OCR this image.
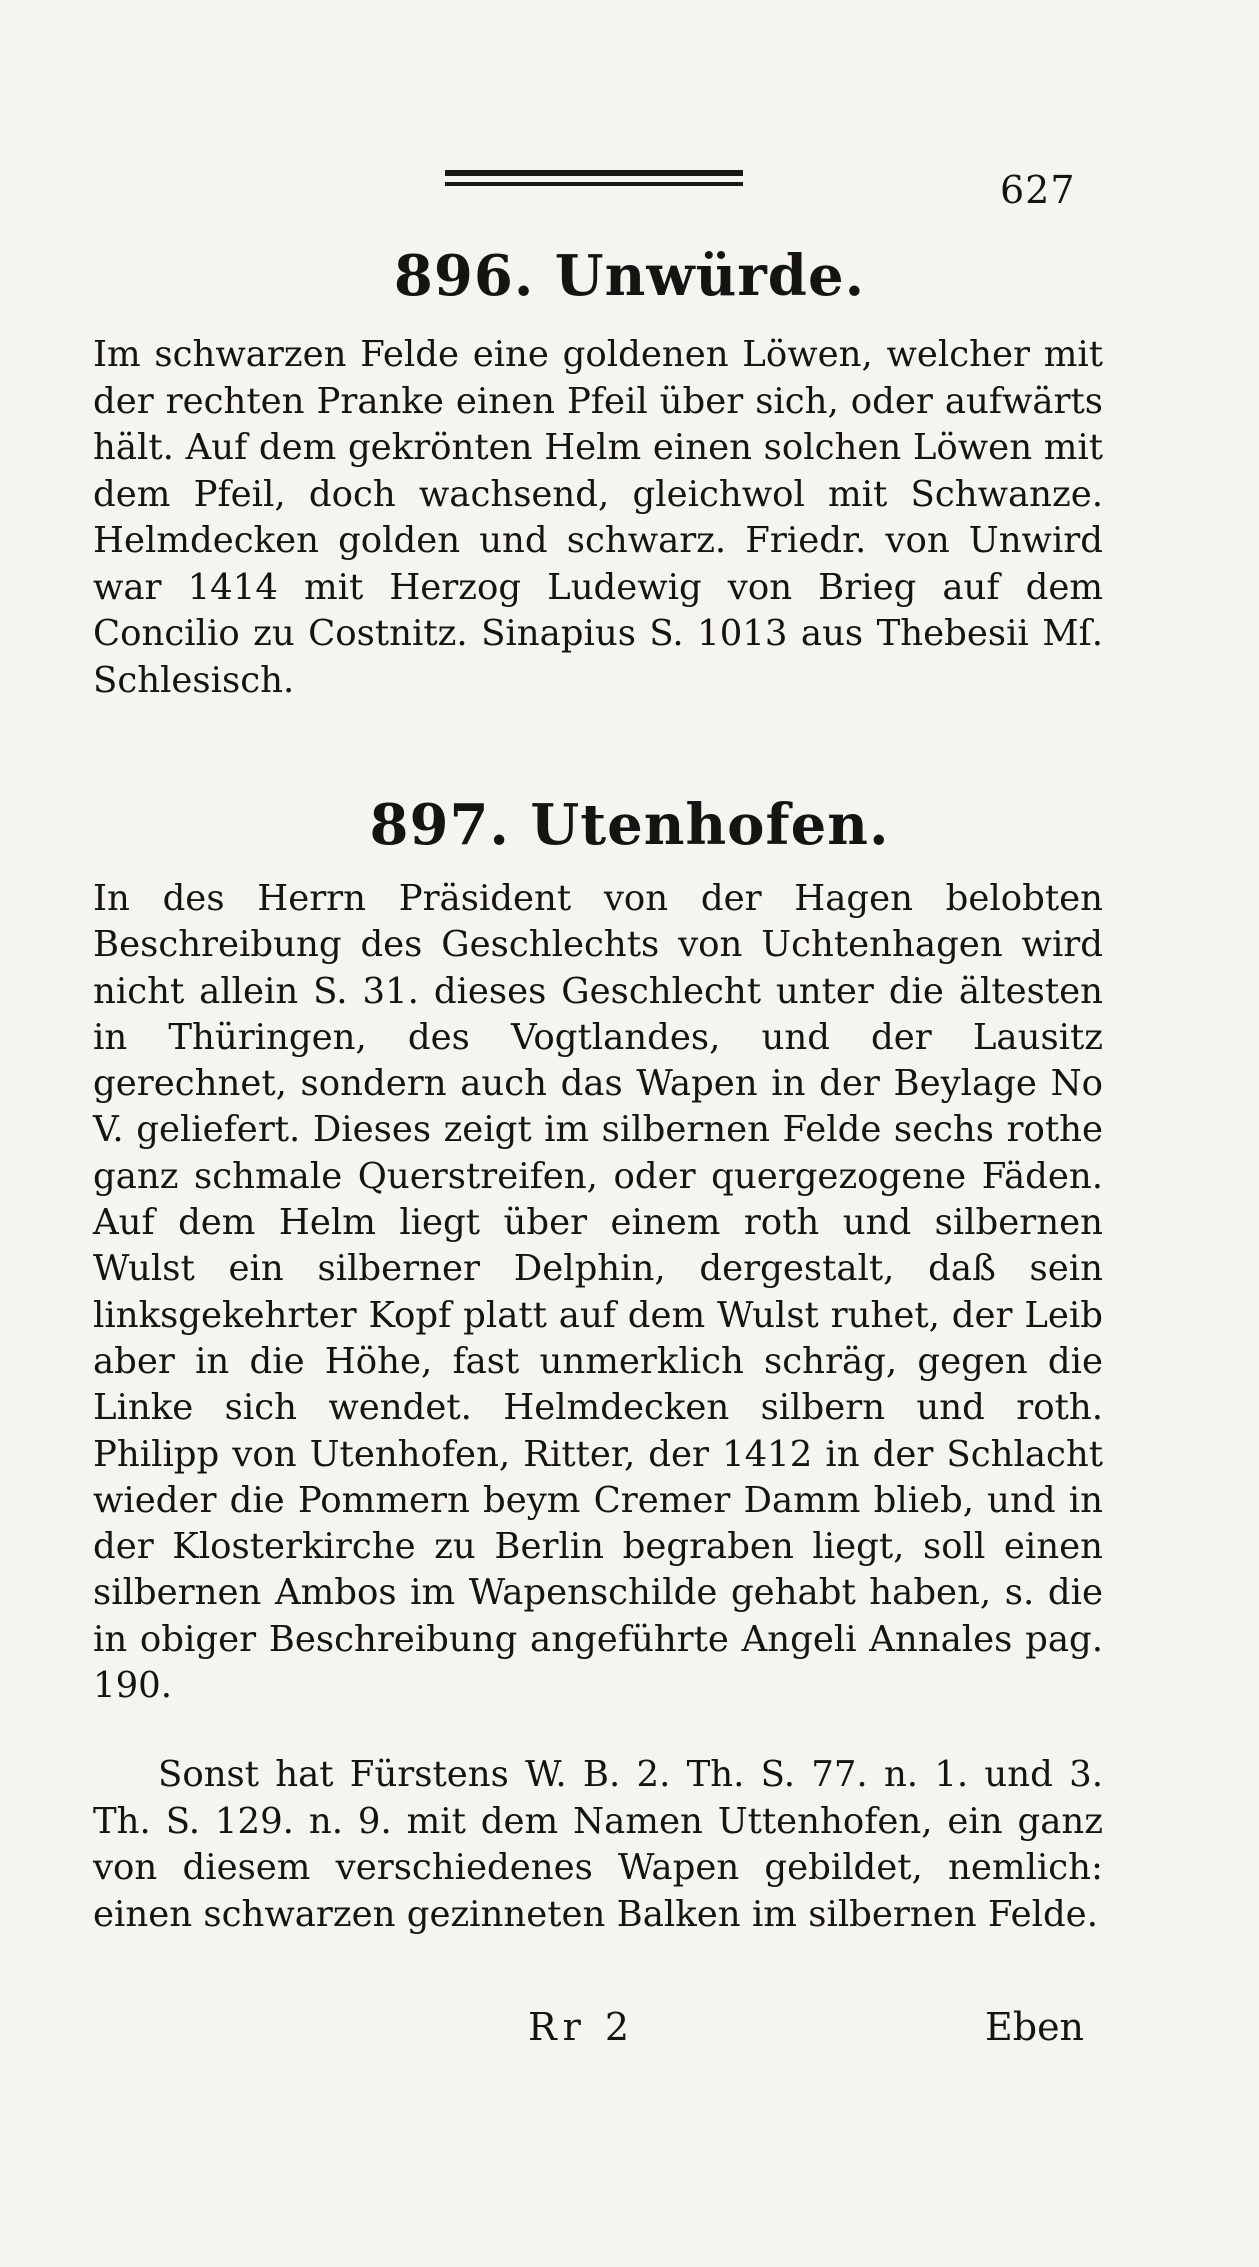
627
896. Unwürde.

Im schwarzen Felde eine goldenen Löwen, welcher mit der rechten Pranke einen Pfeil über sich, oder aufwärts hält. Auf dem gekrönten Helm einen solchen Löwen mit dem Pfeil, doch wachsend, gleichwol mit Schwanze. Helmdecken golden und schwarz. Friedr. von Unwird war 1414 mit Herzog Ludewig von Brieg auf dem Concilio zu Costnitz. Sinapius S. 1013 aus Thebesii Mſ. Schlesisch.

897. Utenhofen.

In des Herrn Präsident von der Hagen belobten Beschreibung des Geschlechts von Uchtenhagen wird nicht allein S. 31. dieses Geschlecht unter die ältesten in Thüringen, des Vogtlandes, und der Lausitz gerechnet, sondern auch das Wapen in der Beylage No V. geliefert. Dieses zeigt im silbernen Felde sechs rothe ganz schmale Querstreifen, oder quergezogene Fäden. Auf dem Helm liegt über einem roth und silbernen Wulst ein silberner Delphin, dergestalt, daß sein linksgekehrter Kopf platt auf dem Wulst ruhet, der Leib aber in die Höhe, fast unmerklich schräg, gegen die Linke sich wendet. Helmdecken silbern und roth. Philipp von Utenhofen, Ritter, der 1412 in der Schlacht wieder die Pommern beym Cremer Damm blieb, und in der Klosterkirche zu Berlin begraben liegt, soll einen silbernen Ambos im Wapenschilde gehabt haben, s. die in obiger Beschreibung angeführte Angeli Annales pag. 190.

Sonst hat Fürstens W. B. 2. Th. S. 77. n. 1. und 3. Th. S. 129. n. 9. mit dem Namen Uttenhofen, ein ganz von diesem verschiedenes Wapen gebildet, nemlich: einen schwarzen gezinneten Balken im silbernen Felde.

Rr 2	Eben
